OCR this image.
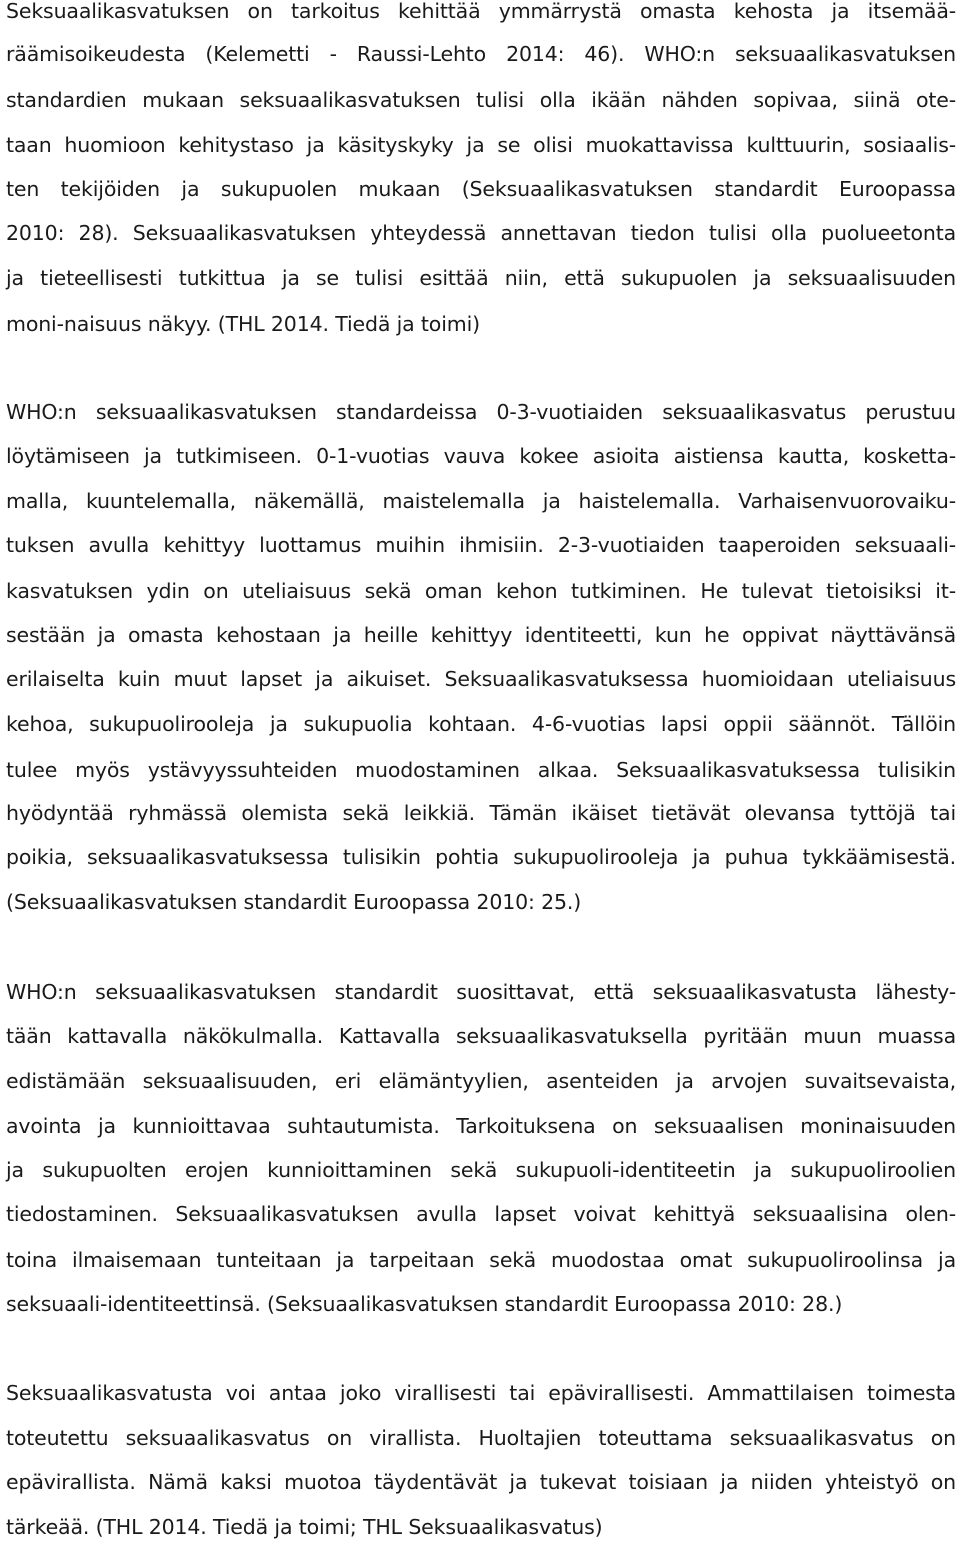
Seksuaalikasvatuksen on tarkoitus kehittää ymmärrystä omasta kehosta ja itsemää-
räämisoikeudesta (Kelemetti - Raussi-Lehto 2014: 46). WHO:n seksuaalikasvatuksen
standardien mukaan seksuaalikasvatuksen tulisi olla ikään nähden sopivaa, siinä ote-
taan huomioon kehitystaso ja käsityskyky ja se olisi muokattavissa kulttuurin, sosiaalis-
ten tekijöiden ja sukupuolen mukaan (Seksuaalikasvatuksen standardit Euroopassa
2010: 28). Seksuaalikasvatuksen yhteydessä annettavan tiedon tulisi olla puolueetonta
ja tieteellisesti tutkittua ja se tulisi esittää niin, että sukupuolen ja seksuaalisuuden
moni-naisuus näkyy. (THL 2014. Tiedä ja toimi)
WHO:n seksuaalikasvatuksen standardeissa 0-3-vuotiaiden seksuaalikasvatus perustuu
löytämiseen ja tutkimiseen. 0-1-vuotias vauva kokee asioita aistiensa kautta, kosketta-
malla, kuuntelemalla, näkemällä, maistelemalla ja haistelemalla. Varhaisenvuorovaiku-
tuksen avulla kehittyy luottamus muihin ihmisiin. 2-3-vuotiaiden taaperoiden seksuaali-
kasvatuksen ydin on uteliaisuus sekä oman kehon tutkiminen. He tulevat tietoisiksi it-
sestään ja omasta kehostaan ja heille kehittyy identiteetti, kun he oppivat näyttävänsä
erilaiselta kuin muut lapset ja aikuiset. Seksuaalikasvatuksessa huomioidaan uteliaisuus
kehoa, sukupuolirooleja ja sukupuolia kohtaan. 4-6-vuotias lapsi oppii säännöt. Tällöin
tulee myös ystävyyssuhteiden muodostaminen alkaa. Seksuaalikasvatuksessa tulisikin
hyödyntää ryhmässä olemista sekä leikkiä. Tämän ikäiset tietävät olevansa tyttöjä tai
poikia, seksuaalikasvatuksessa tulisikin pohtia sukupuolirooleja ja puhua tykkäämisestä.
(Seksuaalikasvatuksen standardit Euroopassa 2010: 25.)
WHO:n seksuaalikasvatuksen standardit suosittavat, että seksuaalikasvatusta lähesty-
tään kattavalla näkökulmalla. Kattavalla seksuaalikasvatuksella pyritään muun muassa
edistämään seksuaalisuuden, eri elämäntyylien, asenteiden ja arvojen suvaitsevaista,
avointa ja kunnioittavaa suhtautumista. Tarkoituksena on seksuaalisen moninaisuuden
ja sukupuolten erojen kunnioittaminen sekä sukupuoli-identiteetin ja sukupuoliroolien
tiedostaminen. Seksuaalikasvatuksen avulla lapset voivat kehittyä seksuaalisina olen-
toina ilmaisemaan tunteitaan ja tarpeitaan sekä muodostaa omat sukupuoliroolinsa ja
seksuaali-identiteettinsä. (Seksuaalikasvatuksen standardit Euroopassa 2010: 28.)
Seksuaalikasvatusta voi antaa joko virallisesti tai epävirallisesti. Ammattilaisen toimesta
toteutettu seksuaalikasvatus on virallista. Huoltajien toteuttama seksuaalikasvatus on
epävirallista. Nämä kaksi muotoa täydentävät ja tukevat toisiaan ja niiden yhteistyö on
tärkeää. (THL 2014. Tiedä ja toimi; THL Seksuaalikasvatus)
